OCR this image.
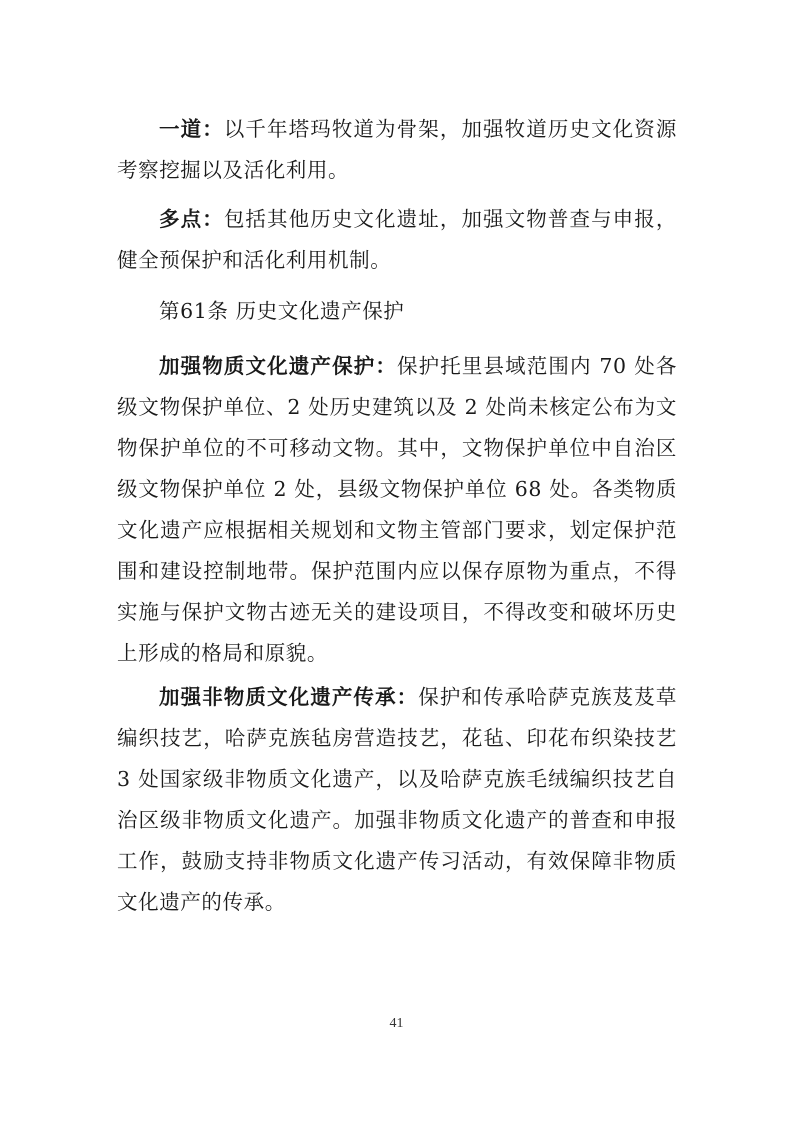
一道：以千年塔玛牧道为骨架，加强牧道历史文化资源考察挖掘以及活化利用。

多点：包括其他历史文化遗址，加强文物普查与申报，健全预保护和活化利用机制。

第61条 历史文化遗产保护

加强物质文化遗产保护：保护托里县域范围内 70 处各级文物保护单位、2 处历史建筑以及 2 处尚未核定公布为文物保护单位的不可移动文物。其中，文物保护单位中自治区级文物保护单位 2 处，县级文物保护单位 68 处。各类物质文化遗产应根据相关规划和文物主管部门要求，划定保护范围和建设控制地带。保护范围内应以保存原物为重点，不得实施与保护文物古迹无关的建设项目，不得改变和破坏历史上形成的格局和原貌。

加强非物质文化遗产传承：保护和传承哈萨克族芨芨草编织技艺，哈萨克族毡房营造技艺，花毡、印花布织染技艺 3 处国家级非物质文化遗产，以及哈萨克族毛绒编织技艺自治区级非物质文化遗产。加强非物质文化遗产的普查和申报工作，鼓励支持非物质文化遗产传习活动，有效保障非物质文化遗产的传承。

41
